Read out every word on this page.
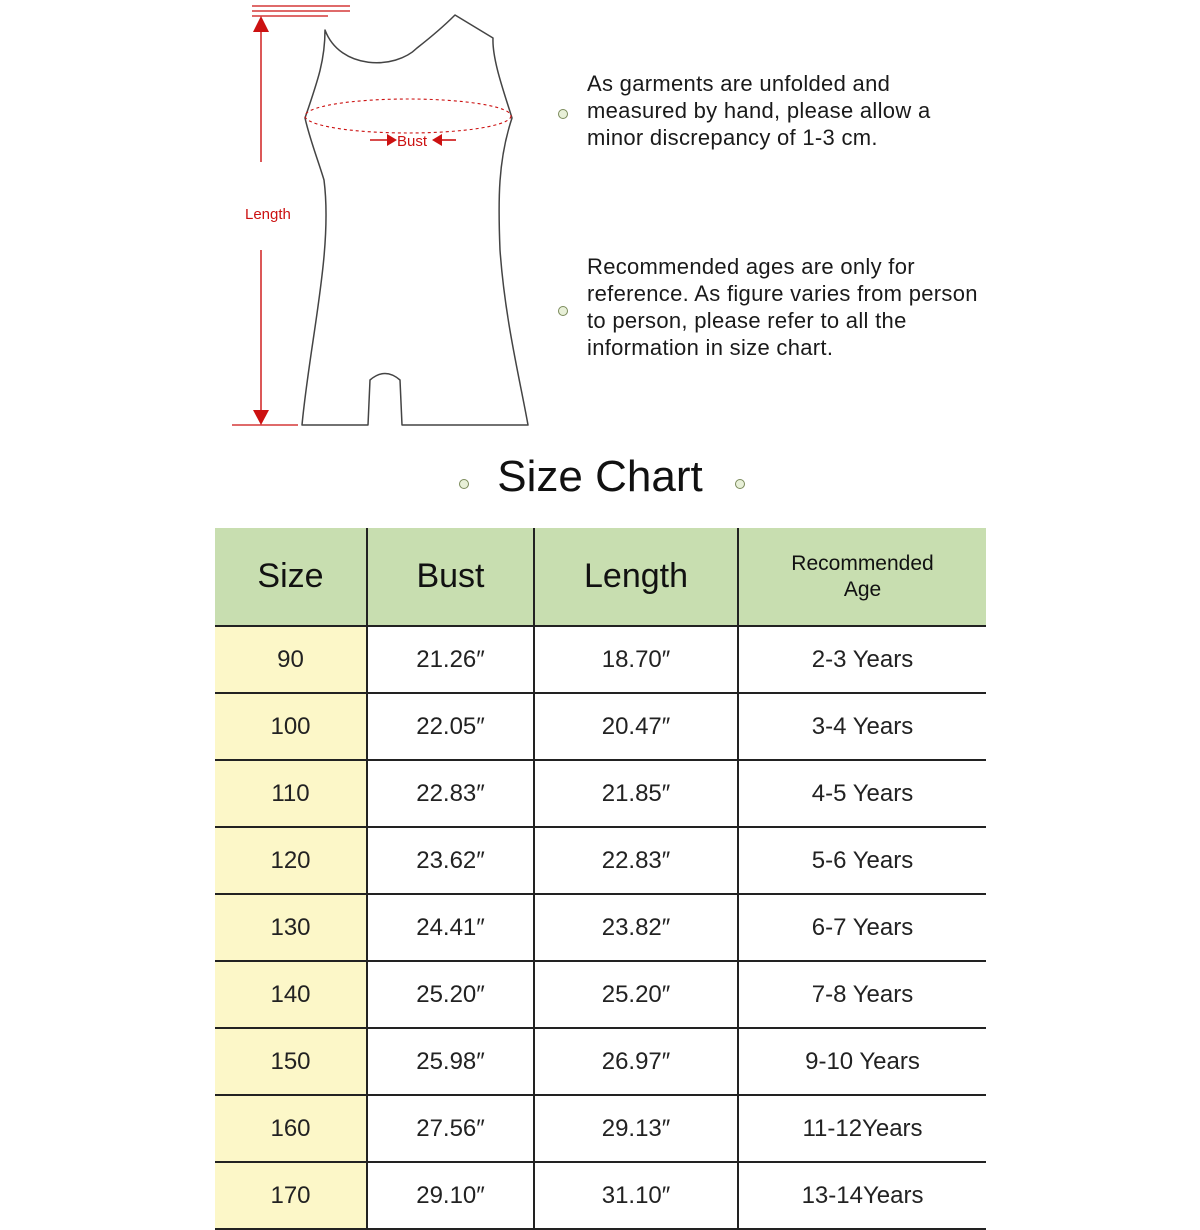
Bust
Length
As garments are unfolded and measured by hand, please allow a minor discrepancy of 1-3 cm.
Recommended ages are only for reference. As figure varies from person to person, please refer to all the information in size chart.
Size Chart
Size	Bust	Length	Recommended
Age

90	21.26″	18.70″	2-3 Years
100	22.05″	20.47″	3-4 Years
110	22.83″	21.85″	4-5 Years
120	23.62″	22.83″	5-6 Years
130	24.41″	23.82″	6-7 Years
140	25.20″	25.20″	7-8 Years
150	25.98″	26.97″	9-10 Years
160	27.56″	29.13″	11-12Years
170	29.10″	31.10″	13-14Years
